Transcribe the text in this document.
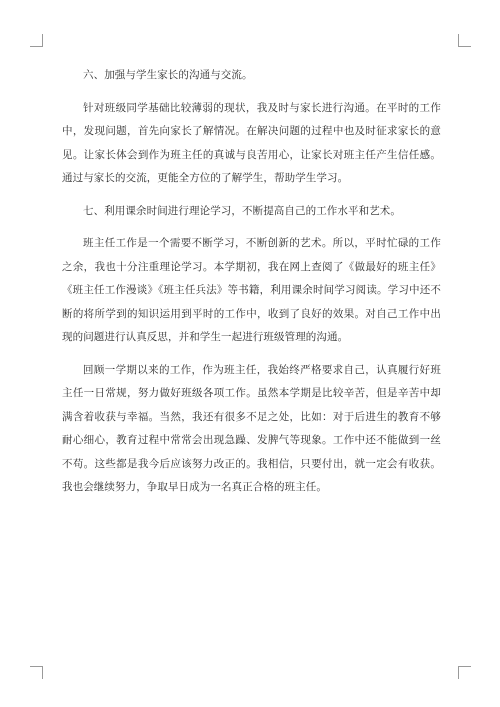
六、加强与学生家长的沟通与交流。

针对班级同学基础比较薄弱的现状，我及时与家长进行沟通。在平时的工作中，发现问题，首先向家长了解情况。在解决问题的过程中也及时征求家长的意见。让家长体会到作为班主任的真诚与良苦用心，让家长对班主任产生信任感。通过与家长的交流，更能全方位的了解学生，帮助学生学习。

七、利用课余时间进行理论学习，不断提高自己的工作水平和艺术。

班主任工作是一个需要不断学习，不断创新的艺术。所以，平时忙碌的工作之余，我也十分注重理论学习。本学期初，我在网上查阅了《做最好的班主任》《班主任工作漫谈》《班主任兵法》等书籍，利用课余时间学习阅读。学习中还不断的将所学到的知识运用到平时的工作中，收到了良好的效果。对自己工作中出现的问题进行认真反思，并和学生一起进行班级管理的沟通。

回顾一学期以来的工作，作为班主任，我始终严格要求自己，认真履行好班主任一日常规，努力做好班级各项工作。虽然本学期是比较辛苦，但是辛苦中却满含着收获与幸福。当然，我还有很多不足之处，比如：对于后进生的教育不够耐心细心，教育过程中常常会出现急躁、发脾气等现象。工作中还不能做到一丝不苟。这些都是我今后应该努力改正的。我相信，只要付出，就一定会有收获。我也会继续努力，争取早日成为一名真正合格的班主任。
